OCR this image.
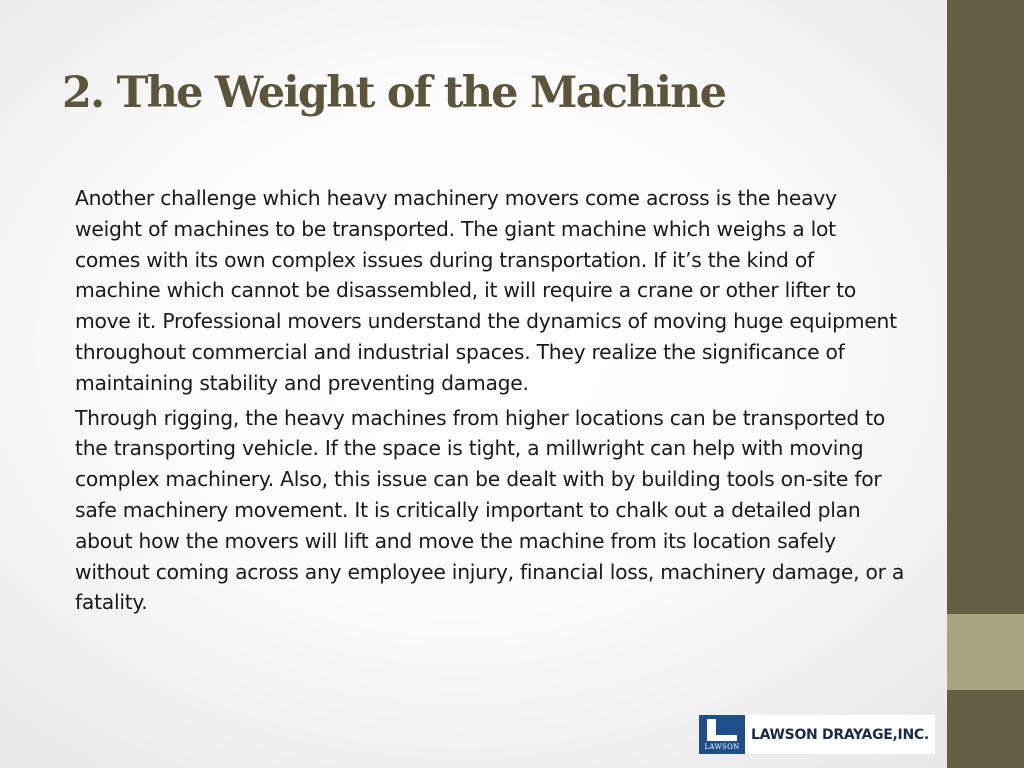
2. The Weight of the Machine

Another challenge which heavy machinery movers come across is the heavy weight of machines to be transported. The giant machine which weighs a lot comes with its own complex issues during transportation. If it’s the kind of machine which cannot be disassembled, it will require a crane or other lifter to move it. Professional movers understand the dynamics of moving huge equipment throughout commercial and industrial spaces. They realize the significance of maintaining stability and preventing damage.

Through rigging, the heavy machines from higher locations can be transported to the transporting vehicle. If the space is tight, a millwright can help with moving complex machinery. Also, this issue can be dealt with by building tools on-site for safe machinery movement. It is critically important to chalk out a detailed plan about how the movers will lift and move the machine from its location safely without coming across any employee injury, financial loss, machinery damage, or a fatality.

LAWSON
LAWSON DRAYAGE,INC.
